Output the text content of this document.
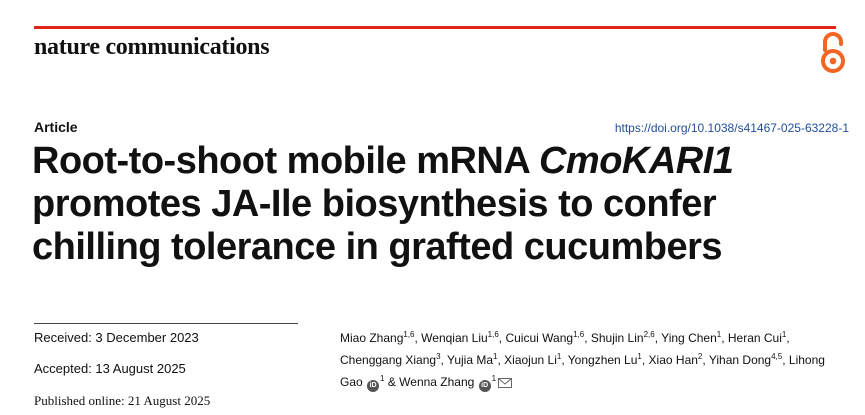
nature communications
Article	https://doi.org/10.1038/s41467-025-63228-1
Root-to-shoot mobile mRNA CmoKARI1 promotes JA-Ile biosynthesis to confer chilling tolerance in grafted cucumbers
Received: 3 December 2023
Accepted: 13 August 2025
Published online: 21 August 2025
Miao Zhang$^{1,6}$, Wenqian Liu$^{1,6}$, Cuicui Wang$^{1,6}$, Shujin Lin$^{2,6}$, Ying Chen$^1$, Heran Cui$^1$, Chenggang Xiang$^3$, Yujia Ma$^1$, Xiaojun Li$^1$, Yongzhen Lu$^1$, Xiao Han$^2$, Yihan Dong$^{4,5}$, Lihong Gao $iD^1$ & Wenna Zhang $iD^1$
